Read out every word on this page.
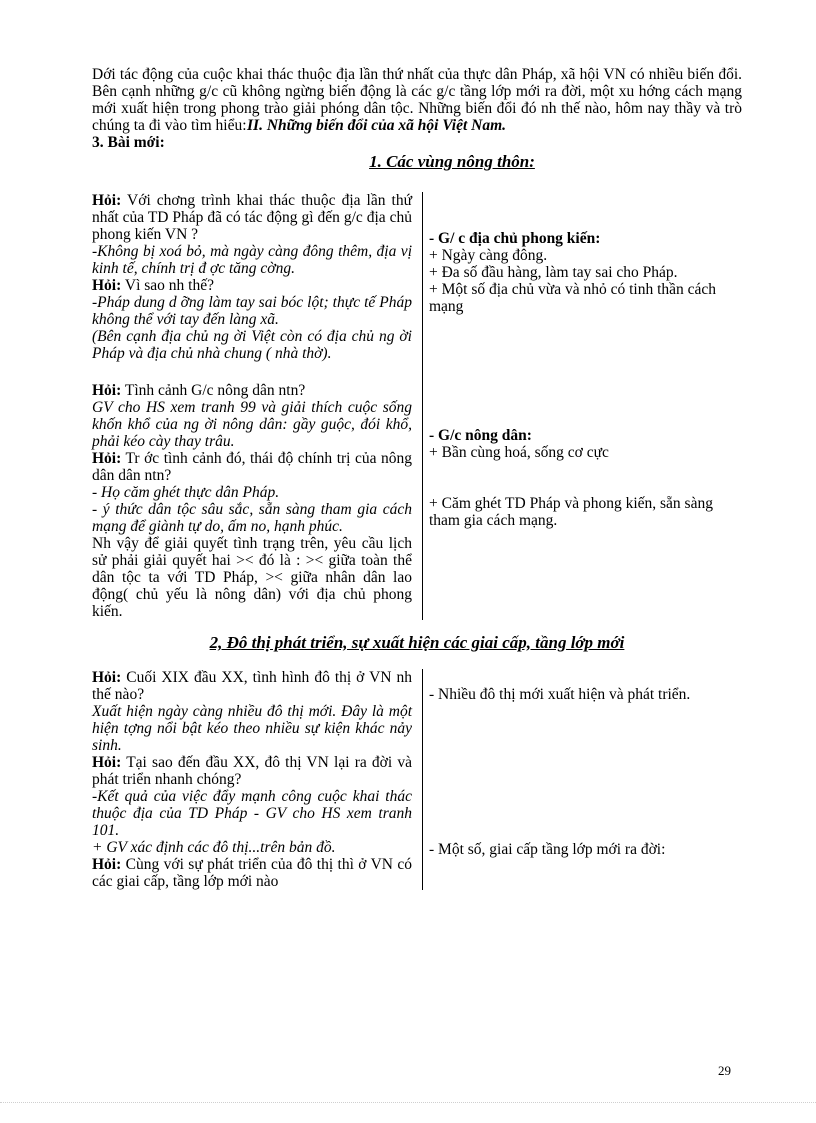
Dới tác động của cuộc khai thác thuộc địa lần thứ nhất của thực dân Pháp, xã hội VN có nhiều biến đổi. Bên cạnh những g/c cũ không ngừng biến động là các g/c tầng lớp mới ra đời, một xu hớng cách mạng mới xuất hiện trong phong trào giải phóng dân tộc. Những biến đổi đó nh thế nào, hôm nay thầy và trò chúng ta đi vào tìm hiểu: II. Những biến đổi của xã hội Việt Nam.

3. Bài mới:

1. Các vùng nông thôn:

Hỏi: Với chơng trình khai thác thuộc địa lần thứ nhất của TD Pháp đã có tác động gì đến g/c địa chủ phong kiến VN ?

-Không bị xoá bỏ, mà ngày càng đông thêm, địa vị kinh tế, chính trị đ ợc tăng cờng.

Hỏi: Vì sao nh thế?

-Pháp dung d ỡng làm tay sai bóc lột; thực tế Pháp không thể với tay đến làng xã.

(Bên cạnh địa chủ ng ời Việt còn có địa chủ ng ời Pháp và địa chủ nhà chung ( nhà thờ).

Hỏi: Tình cảnh G/c nông dân ntn?

GV cho HS xem tranh 99 và giải thích cuộc sống khốn khổ của ng ời nông dân: gầy guộc, đói khổ, phải kéo cày thay trâu.

Hỏi: Tr ớc tình cảnh đó, thái độ chính trị của nông dân dân ntn?

- Họ căm ghét thực dân Pháp.

- ý thức dân tộc sâu sắc, sẵn sàng tham gia cách mạng để giành tự do, ấm no, hạnh phúc.

Nh vậy để giải quyết tình trạng trên, yêu cầu lịch sử phải giải quyết hai >< đó là : >< giữa toàn thể dân tộc ta với TD Pháp, >< giữa nhân dân lao động( chủ yếu là nông dân) với địa chủ phong kiến.

- G/ c địa chủ phong kiến:

+ Ngày càng đông.

+ Đa số đầu hàng, làm tay sai cho Pháp.

+ Một số địa chủ vừa và nhỏ có tinh thần cách mạng

- G/c nông dân:

+ Bần cùng hoá, sống cơ cực

+ Căm ghét TD Pháp và phong kiến, sẵn sàng tham gia cách mạng.

2, Đô thị phát triển, sự xuất hiện các giai cấp, tầng lớp mới

Hỏi: Cuối XIX đầu XX, tình hình đô thị ở VN nh thế nào?

Xuất hiện ngày càng nhiều đô thị mới. Đây là một hiện tợng nổi bật kéo theo nhiều sự kiện khác nảy sinh.

Hỏi: Tại sao đến đầu XX, đô thị VN lại ra đời và phát triển nhanh chóng?

-Kết quả của việc đẩy mạnh công cuộc khai thác thuộc địa của TD Pháp - GV cho HS xem tranh 101.

+ GV xác định các đô thị...trên bản đồ.

Hỏi: Cùng với sự phát triển của đô thị thì ở VN có các giai cấp, tầng lớp mới nào

- Nhiều đô thị mới xuất hiện và phát triển.

- Một số, giai cấp tầng lớp mới ra đời:

29
